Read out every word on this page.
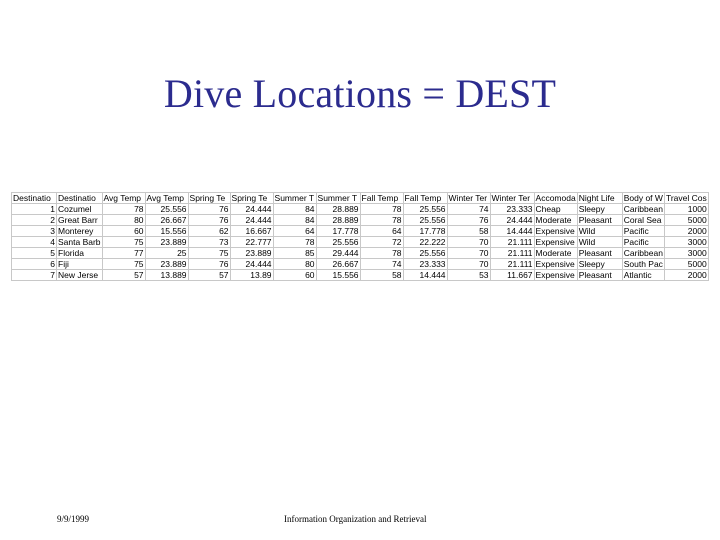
Dive Locations = DEST
Destinatio	Destinatio	Avg Temp	Avg Temp	Spring Te	Spring Te	Summer T	Summer T	Fall Temp	Fall Temp	Winter Ter	Winter Ter	Accomoda	Night Life	Body of W	Travel Cos
1	Cozumel	78	25.556	76	24.444	84	28.889	78	25.556	74	23.333	Cheap	Sleepy	Caribbean	1000
2	Great Barr	80	26.667	76	24.444	84	28.889	78	25.556	76	24.444	Moderate	Pleasant	Coral Sea	5000
3	Monterey	60	15.556	62	16.667	64	17.778	64	17.778	58	14.444	Expensive	Wild	Pacific	2000
4	Santa Barb	75	23.889	73	22.777	78	25.556	72	22.222	70	21.111	Expensive	Wild	Pacific	3000
5	Florida	77	25	75	23.889	85	29.444	78	25.556	70	21.111	Moderate	Pleasant	Caribbean	3000
6	Fiji	75	23.889	76	24.444	80	26.667	74	23.333	70	21.111	Expensive	Sleepy	South Pac	5000
7	New Jerse	57	13.889	57	13.89	60	15.556	58	14.444	53	11.667	Expensive	Pleasant	Atlantic	2000
9/9/1999	Information Organization and Retrieval
